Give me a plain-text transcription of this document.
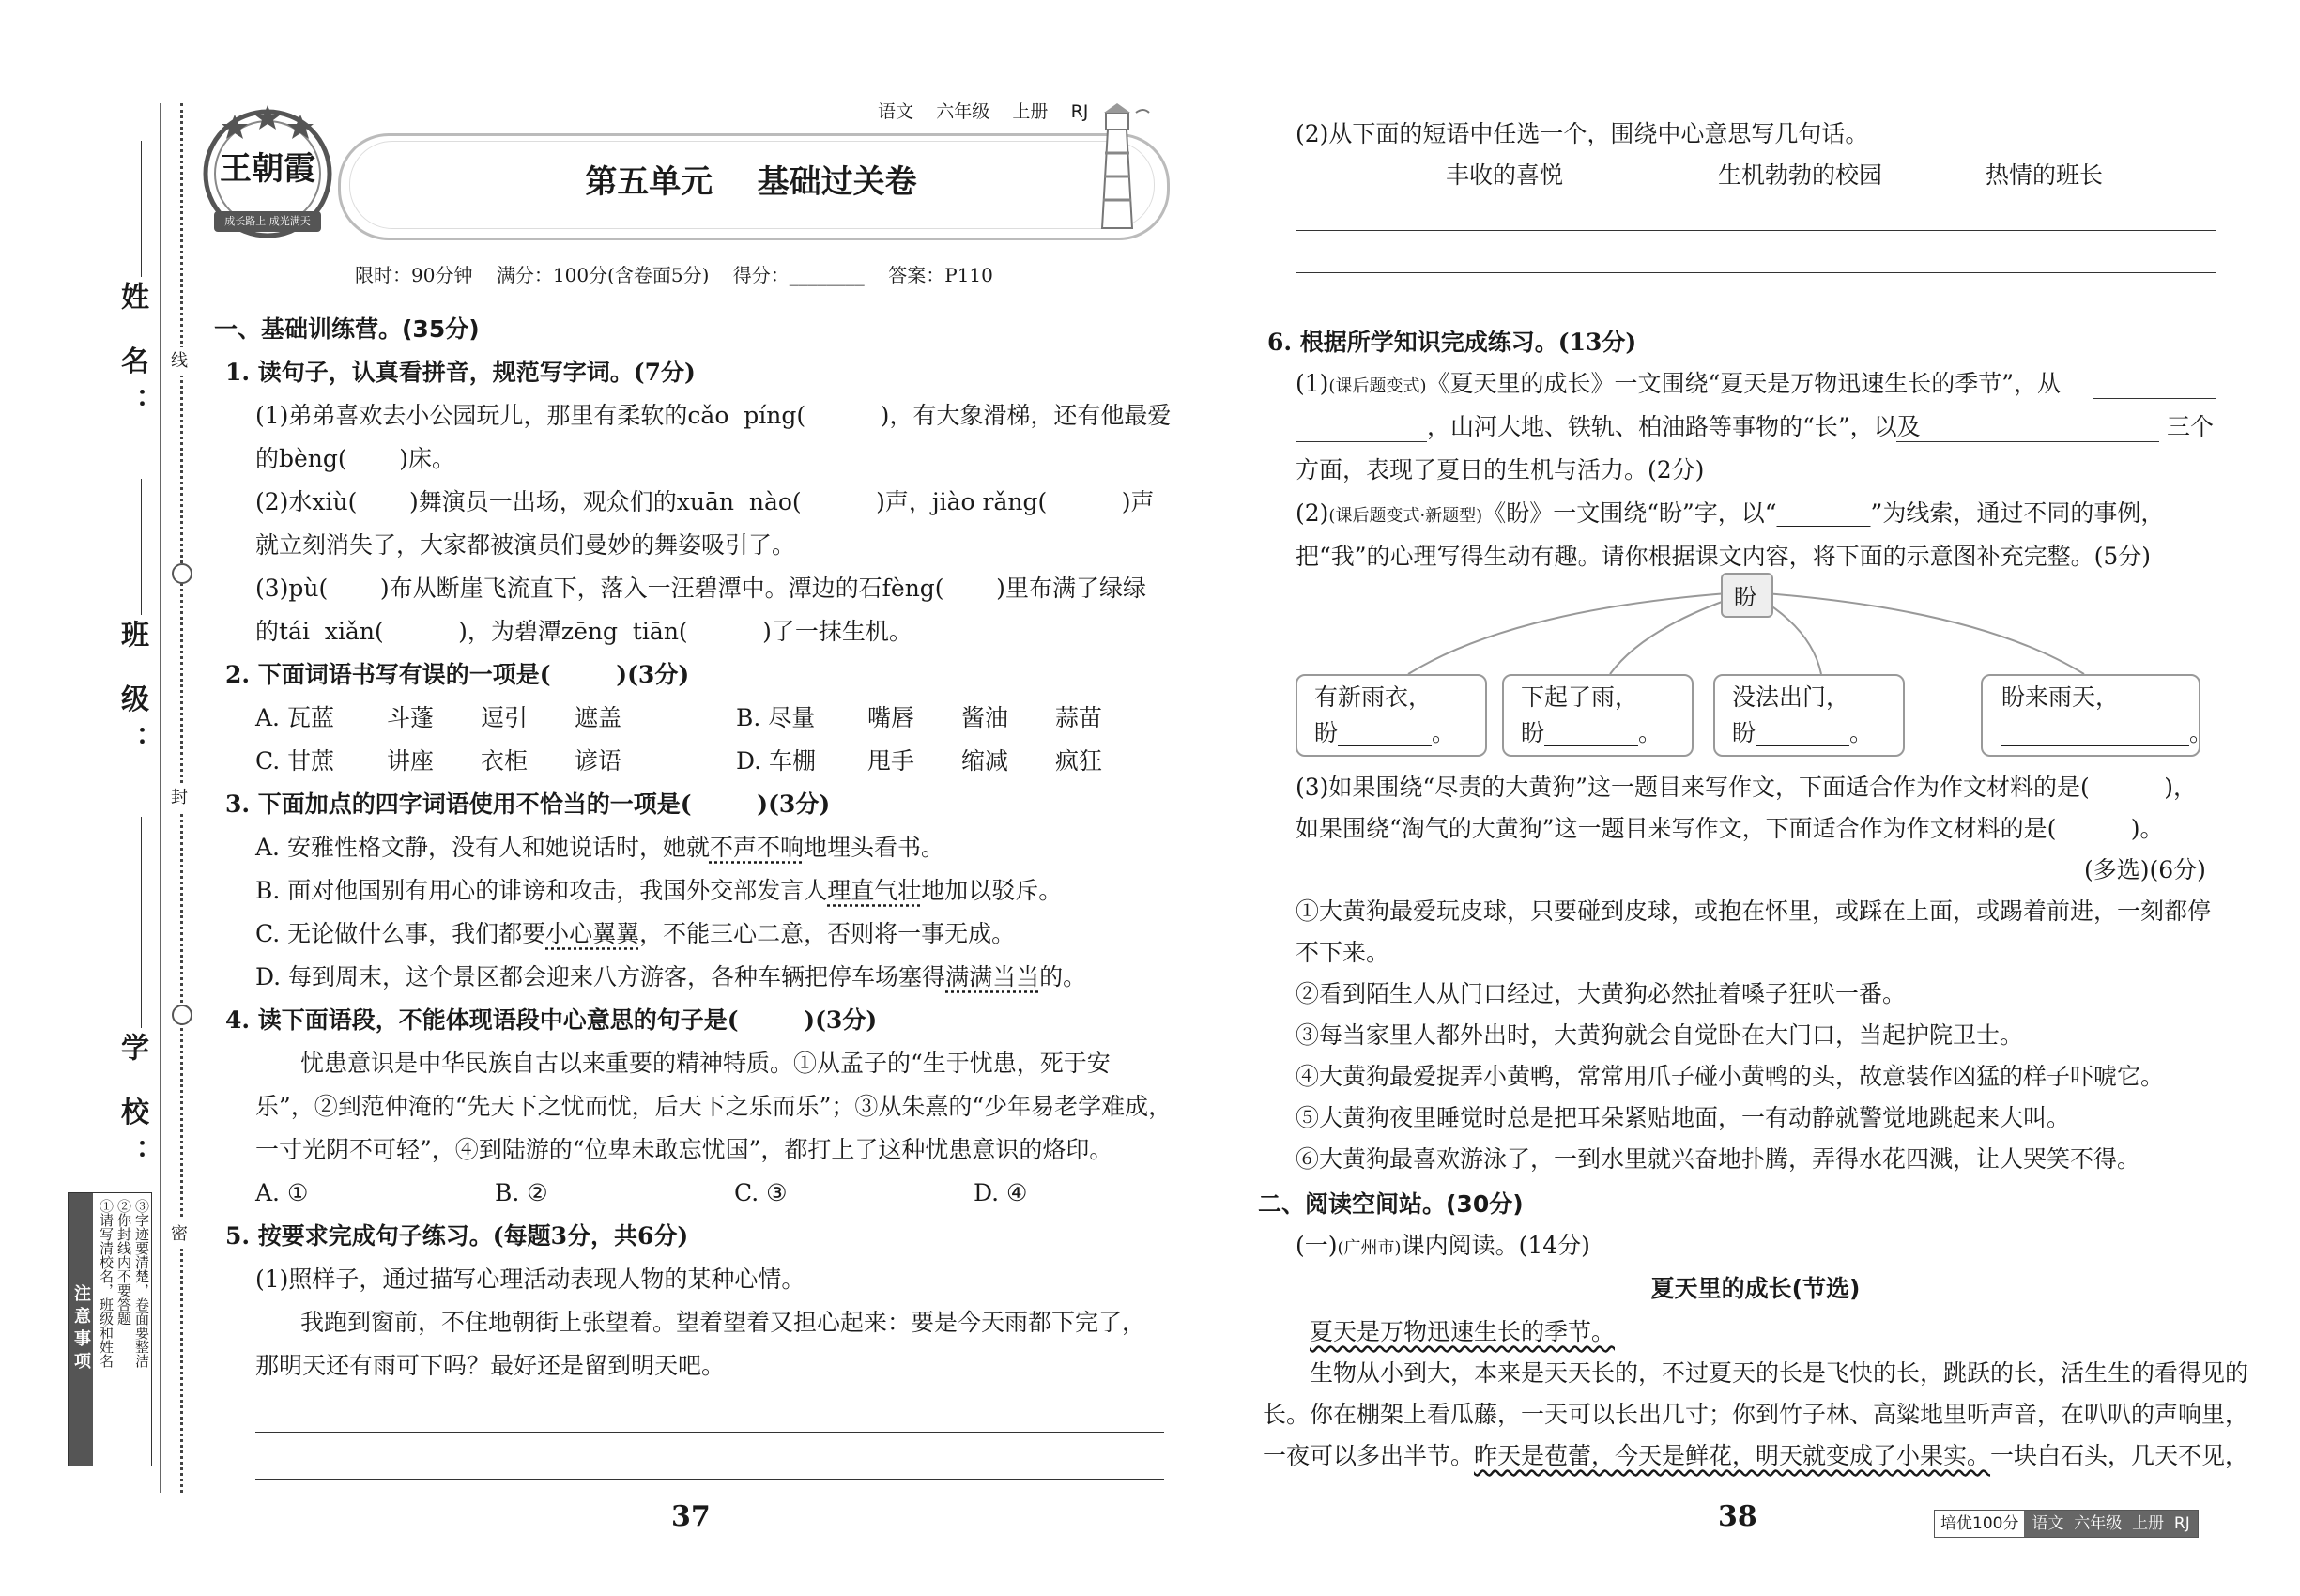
姓 名：
班 级：
学 校：
线
封
密
注意事项 ①请写清校名，班级和姓名 ②你封线内不要答题 ③字迹要清楚，卷面要整洁
王朝霞
成长路上 成光满天
语文 六年级 上册 RJ
第五单元    基础过关卷
限时：90分钟    满分：100分(含卷面5分)    得分：________    答案：P110
一、基础训练营。(35分)
1. 读句子，认真看拼音，规范写字词。(7分)
(1)弟弟喜欢去小公园玩儿，那里有柔软的cǎo  píng(          )，有大象滑梯，还有他最爱
的bèng(       )床。
(2)水xiù(       )舞演员一出场，观众们的xuān  nào(          )声，jiào rǎng(          )声
就立刻消失了，大家都被演员们曼妙的舞姿吸引了。
(3)pù(       )布从断崖飞流直下，落入一汪碧潭中。潭边的石fèng(       )里布满了绿绿
的tái  xiǎn(          )，为碧潭zēng  tiān(          )了一抹生机。
2. 下面词语书写有误的一项是(        )(3分)
A. 瓦蓝 斗蓬 逗引 遮盖	B. 尽量 嘴唇 酱油 蒜苗
C. 甘蔗 讲座 衣柜 谚语	D. 车棚 甩手 缩减 疯狂
3. 下面加点的四字词语使用不恰当的一项是(        )(3分)
A. 安雅性格文静，没有人和她说话时，她就不声不响地埋头看书。
B. 面对他国别有用心的诽谤和攻击，我国外交部发言人理直气壮地加以驳斥。
C. 无论做什么事，我们都要小心翼翼，不能三心二意，否则将一事无成。
D. 每到周末，这个景区都会迎来八方游客，各种车辆把停车场塞得满满当当的。
4. 读下面语段，不能体现语段中心意思的句子是(        )(3分)
忧患意识是中华民族自古以来重要的精神特质。①从孟子的“生于忧患，死于安
乐”，②到范仲淹的“先天下之忧而忧，后天下之乐而乐”；③从朱熹的“少年易老学难成，
一寸光阴不可轻”，④到陆游的“位卑未敢忘忧国”，都打上了这种忧患意识的烙印。
A. ①	B. ②	C. ③	D. ④
5. 按要求完成句子练习。(每题3分，共6分)
(1)照样子，通过描写心理活动表现人物的某种心情。
我跑到窗前，不住地朝街上张望着。望着望着又担心起来：要是今天雨都下完了，
那明天还有雨可下吗？最好还是留到明天吧。
37
(2)从下面的短语中任选一个，围绕中心意思写几句话。
丰收的喜悦	生机勃勃的校园	热情的班长
6. 根据所学知识完成练习。(13分)
(1)(课后题变式)《夏天里的成长》一文围绕“夏天是万物迅速生长的季节”，从
，山河大地、铁轨、柏油路等事物的“长”，以及	三个
方面，表现了夏日的生机与活力。(2分)
(2)(课后题变式·新题型)《盼》一文围绕“盼”字，以“________”为线索，通过不同的事例，
把“我”的心理写得生动有趣。请你根据课文内容，将下面的示意图补充完整。(5分)
盼
有新雨衣，
盼________。
下起了雨，
盼________。
没法出门，
盼________。
盼来雨天，
________________。
(3)如果围绕“尽责的大黄狗”这一题目来写作文，下面适合作为作文材料的是(          )，
如果围绕“淘气的大黄狗”这一题目来写作文，下面适合作为作文材料的是(          )。
(多选)(6分)
①大黄狗最爱玩皮球，只要碰到皮球，或抱在怀里，或踩在上面，或踢着前进，一刻都停
不下来。
②看到陌生人从门口经过，大黄狗必然扯着嗓子狂吠一番。
③每当家里人都外出时，大黄狗就会自觉卧在大门口，当起护院卫士。
④大黄狗最爱捉弄小黄鸭，常常用爪子碰小黄鸭的头，故意装作凶猛的样子吓唬它。
⑤大黄狗夜里睡觉时总是把耳朵紧贴地面，一有动静就警觉地跳起来大叫。
⑥大黄狗最喜欢游泳了，一到水里就兴奋地扑腾，弄得水花四溅，让人哭笑不得。
二、阅读空间站。(30分)
(一)(广州市)课内阅读。(14分)
夏天里的成长(节选)
夏天是万物迅速生长的季节。
生物从小到大，本来是天天长的，不过夏天的长是飞快的长，跳跃的长，活生生的看得见的
长。你在棚架上看瓜藤，一天可以长出几寸；你到竹子林、高粱地里听声音，在叭叭的声响里，
一夜可以多出半节。昨天是苞蕾，今天是鲜花，明天就变成了小果实。一块白石头，几天不见，
38	培优100分 语文  六年级  上册  RJ
